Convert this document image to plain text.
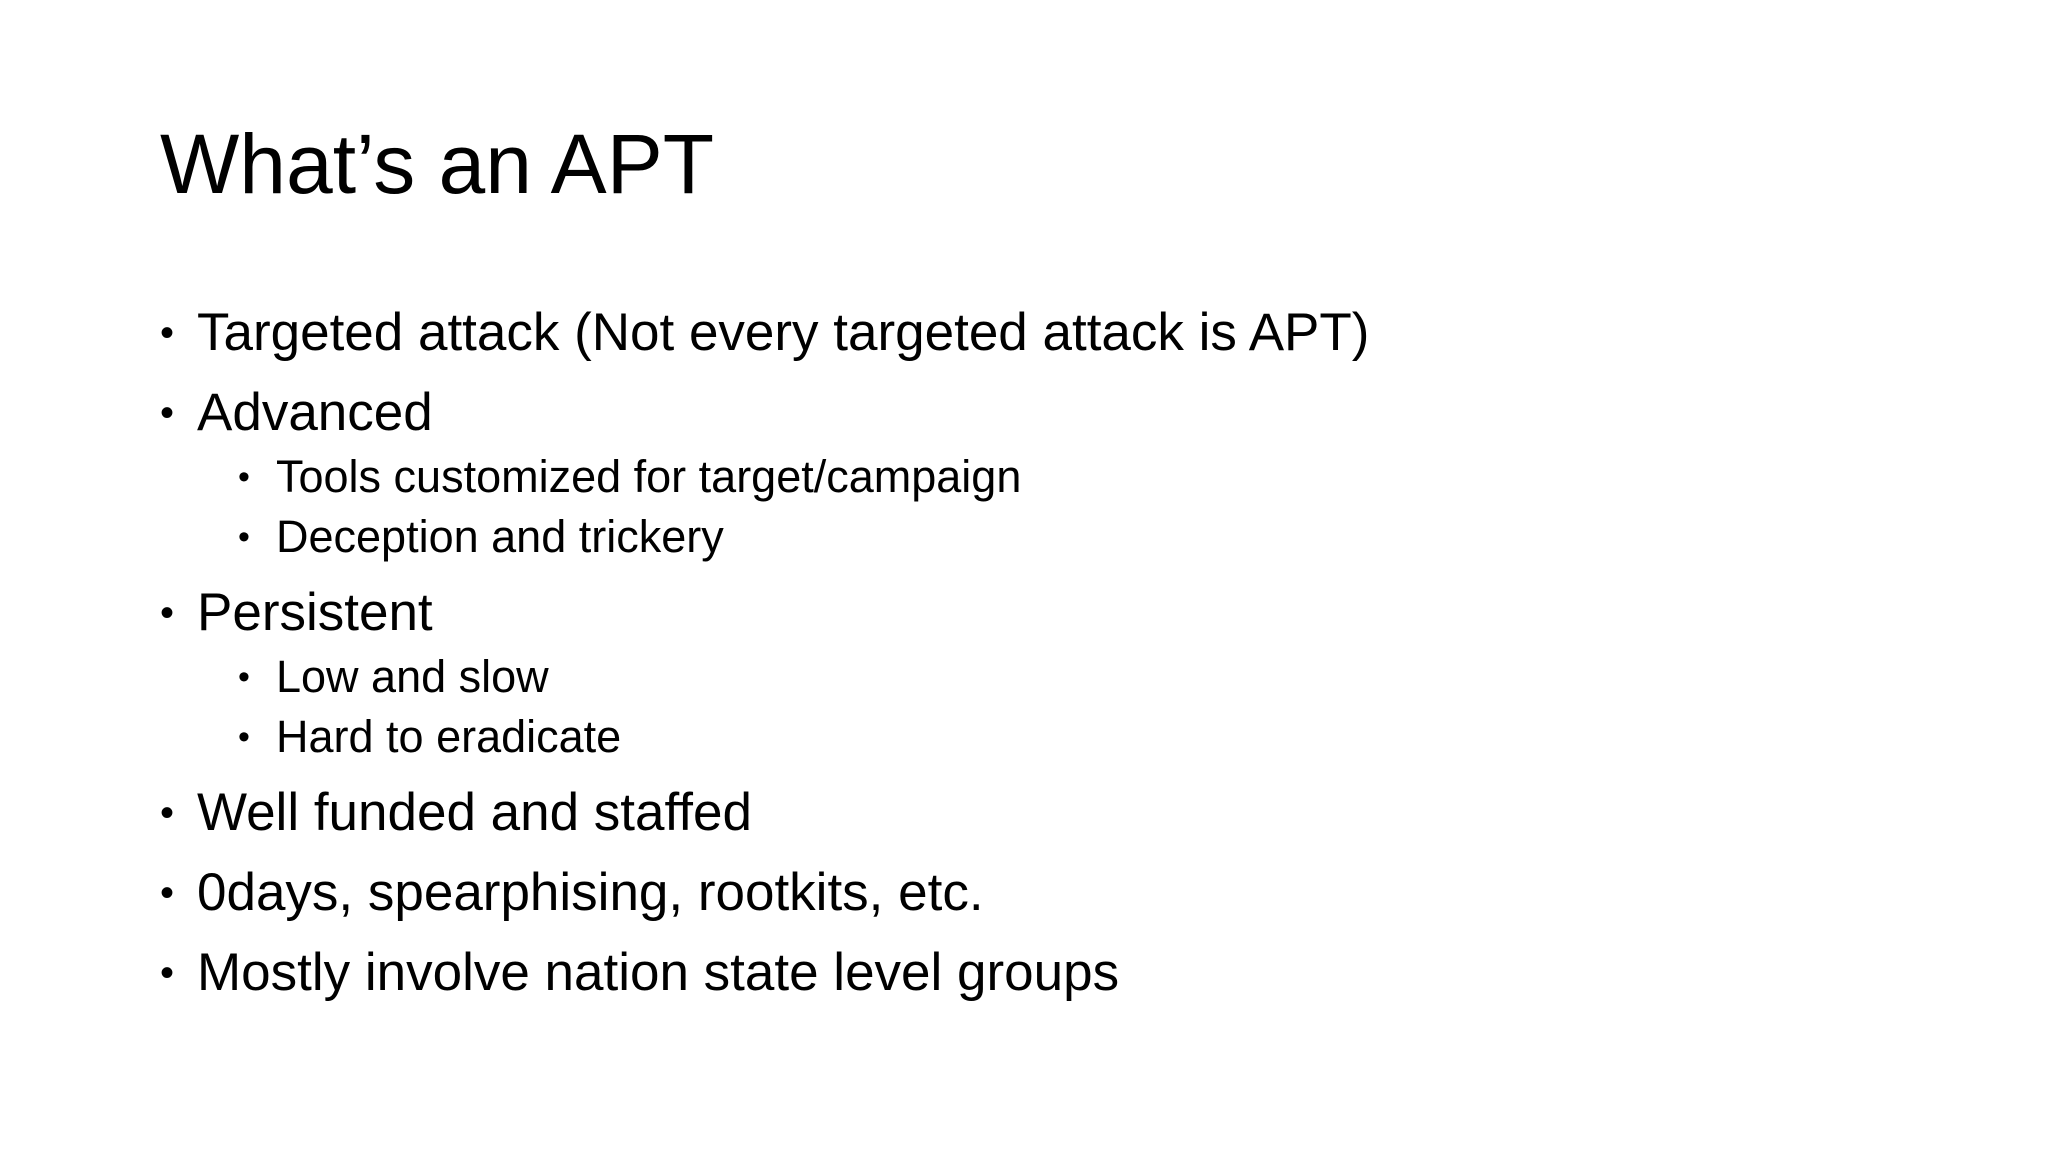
What’s an APT
• Targeted attack (Not every targeted attack is APT)
• Advanced
• Tools customized for target/campaign
• Deception and trickery
• Persistent
• Low and slow
• Hard to eradicate
• Well funded and staffed
• 0days, spearphising, rootkits, etc.
• Mostly involve nation state level groups
